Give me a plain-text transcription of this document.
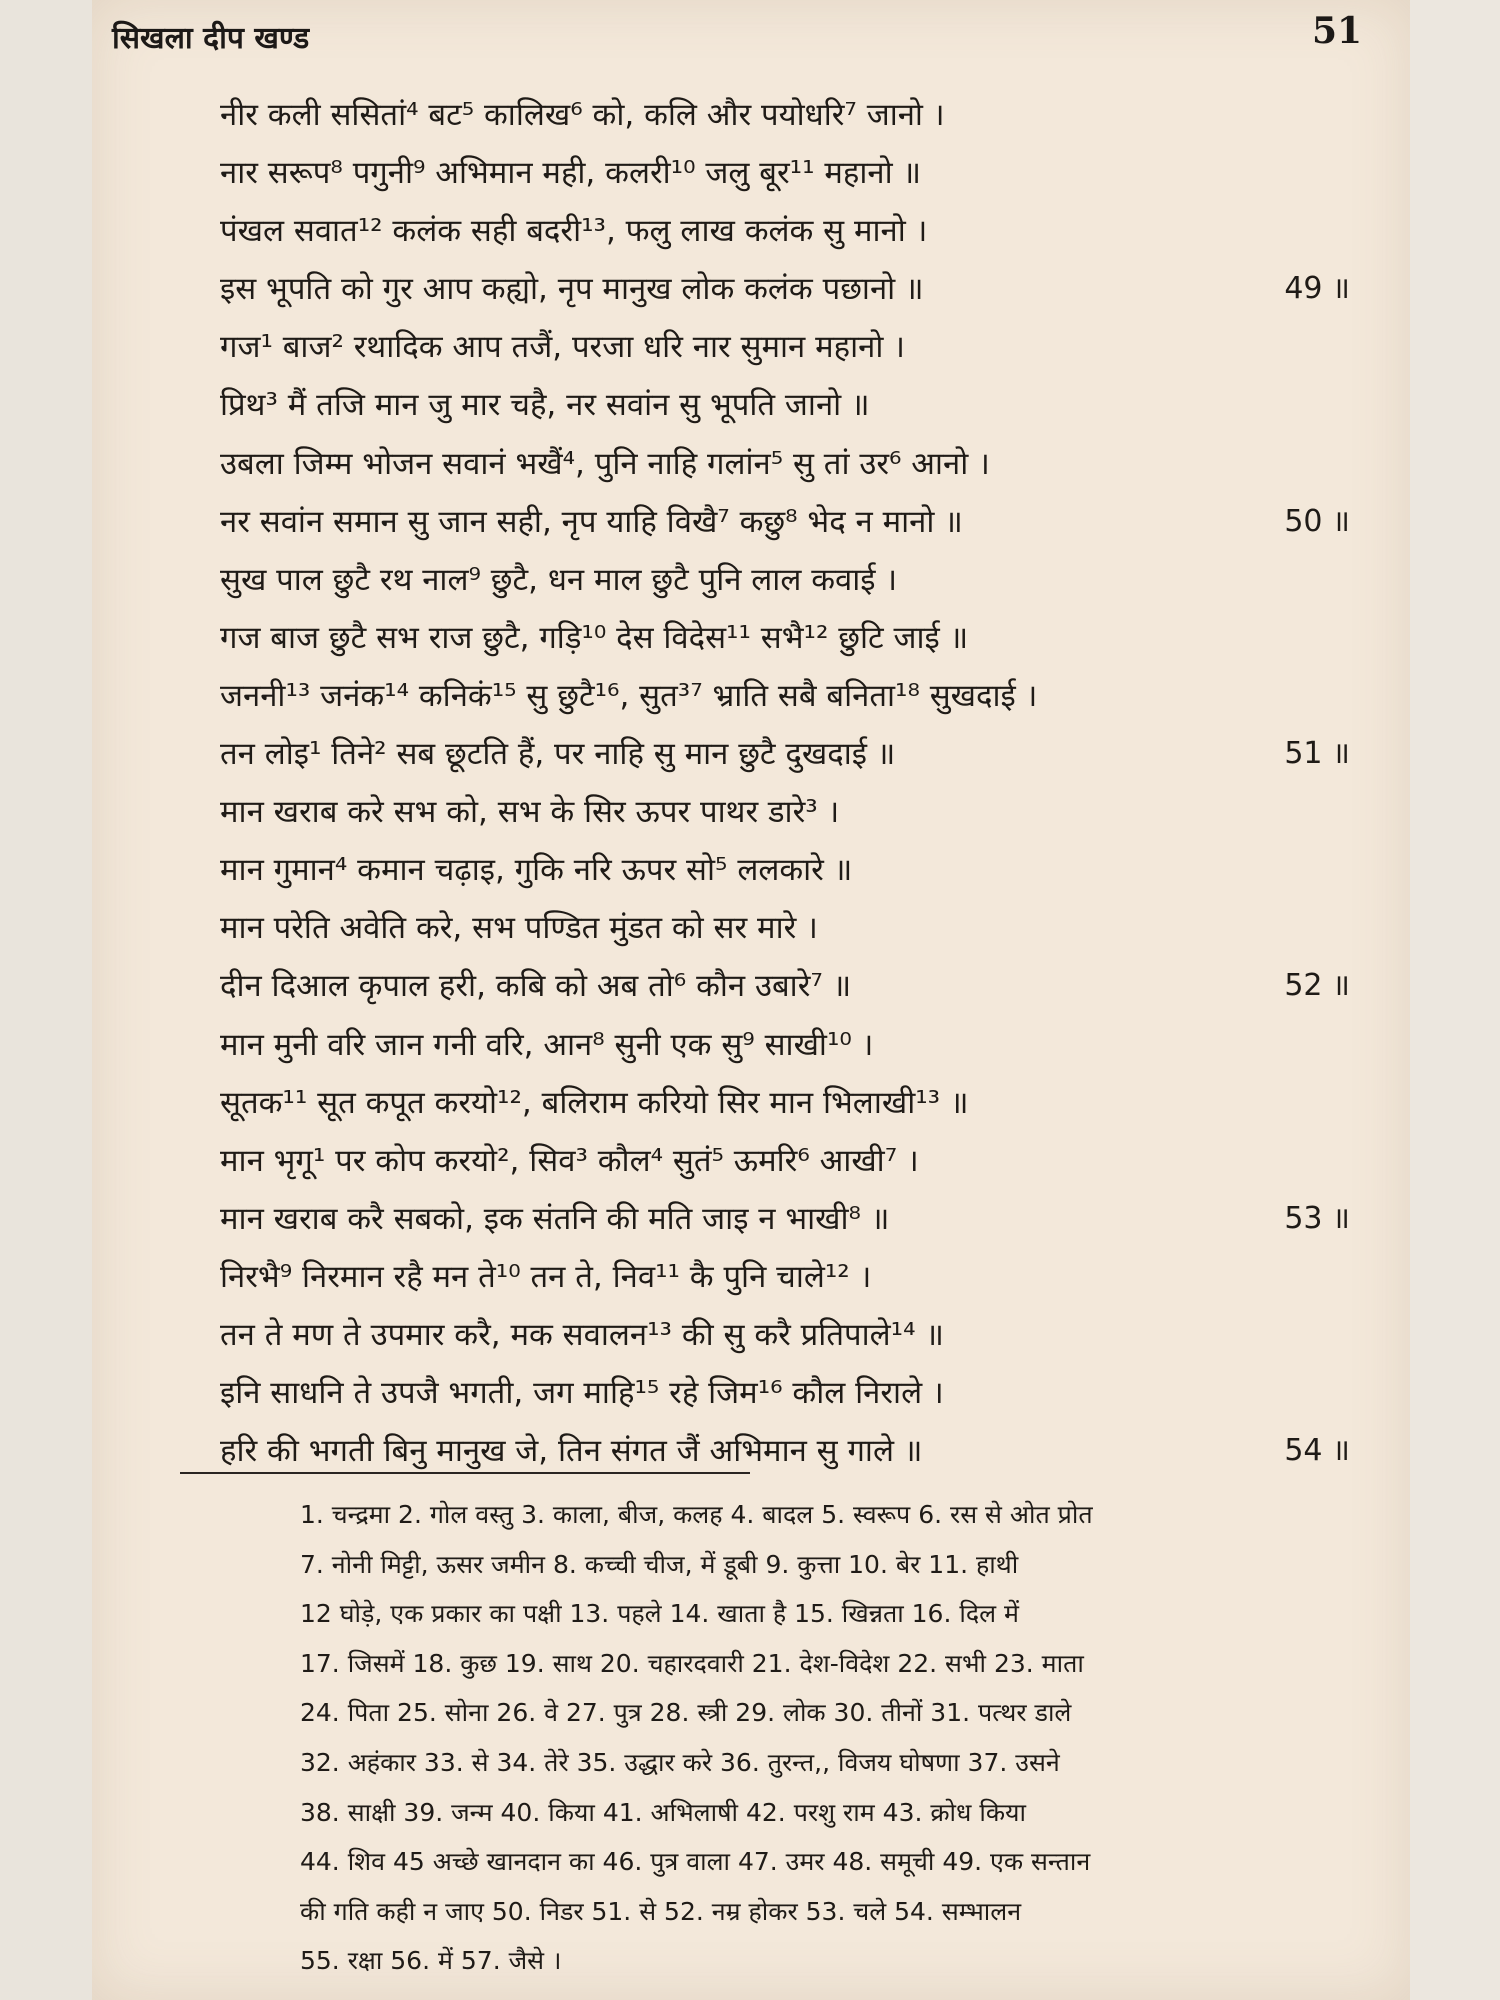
सिखला दीप खण्ड	51
नीर कली ससितां⁴ बट⁵ कालिख⁶ को, कलि और पयोधरि⁷ जानो ।
नार सरूप⁸ पगुनी⁹ अभिमान मही, कलरी¹⁰ जलु बूर¹¹ महानो ॥
पंखल सवात¹² कलंक सही बदरी¹³, फलु लाख कलंक सु मानो ।
इस भूपति को गुर आप कह्यो, नृप मानुख लोक कलंक पछानो ॥	49 ॥
गज¹ बाज² रथादिक आप तजैं, परजा धरि नार सुमान महानो ।
प्रिथ³ मैं तजि मान जु मार चहै, नर सवांन सु भूपति जानो ॥
उबला जिम्म भोजन सवानं भखैं⁴, पुनि नाहि गलांन⁵ सु तां उर⁶ आनो ।
नर सवांन समान सु जान सही, नृप याहि विखै⁷ कछु⁸ भेद न मानो ॥	50 ॥
सुख पाल छुटै रथ नाल⁹ छुटै, धन माल छुटै पुनि लाल कवाई ।
गज बाज छुटै सभ राज छुटै, गड़ि¹⁰ देस विदेस¹¹ सभै¹² छुटि जाई ॥
जननी¹³ जनंक¹⁴ कनिकं¹⁵ सु छुटै¹⁶, सुत³⁷ भ्राति सबै बनिता¹⁸ सुखदाई ।
तन लोइ¹ तिने² सब छूटति हैं, पर नाहि सु मान छुटै दुखदाई ॥	51 ॥
मान खराब करे सभ को, सभ के सिर ऊपर पाथर डारे³ ।
मान गुमान⁴ कमान चढ़ाइ, गुकि नरि ऊपर सो⁵ ललकारे ॥
मान परेति अवेति करे, सभ पण्डित मुंडत को सर मारे ।
दीन दिआल कृपाल हरी, कबि को अब तो⁶ कौन उबारे⁷ ॥	52 ॥
मान मुनी वरि जान गनी वरि, आन⁸ सुनी एक सु⁹ साखी¹⁰ ।
सूतक¹¹ सूत कपूत करयो¹², बलिराम करियो सिर मान भिलाखी¹³ ॥
मान भृगू¹ पर कोप करयो², सिव³ कौल⁴ सुतं⁵ ऊमरि⁶ आखी⁷ ।
मान खराब करै सबको, इक संतनि की मति जाइ न भाखी⁸ ॥	53 ॥
निरभै⁹ निरमान रहै मन ते¹⁰ तन ते, निव¹¹ कै पुनि चाले¹² ।
तन ते मण ते उपमार करै, मक सवालन¹³ की सु करै प्रतिपाले¹⁴ ॥
इनि साधनि ते उपजै भगती, जग माहि¹⁵ रहे जिम¹⁶ कौल निराले ।
हरि की भगती बिनु मानुख जे, तिन संगत जैं अभिमान सु गाले ॥	54 ॥
1. चन्द्रमा 2. गोल वस्तु 3. काला, बीज, कलह 4. बादल 5. स्वरूप 6. रस से ओत प्रोत
7. नोनी मिट्टी, ऊसर जमीन 8. कच्ची चीज, में डूबी 9. कुत्ता 10. बेर 11. हाथी
12 घोड़े, एक प्रकार का पक्षी 13. पहले 14. खाता है 15. खिन्नता 16. दिल में
17. जिसमें 18. कुछ 19. साथ 20. चहारदवारी 21. देश-विदेश 22. सभी 23. माता
24. पिता 25. सोना 26. वे 27. पुत्र 28. स्त्री 29. लोक 30. तीनों 31. पत्थर डाले
32. अहंकार 33. से 34. तेरे 35. उद्धार करे 36. तुरन्त,, विजय घोषणा 37. उसने
38. साक्षी 39. जन्म 40. किया 41. अभिलाषी 42. परशु राम 43. क्रोध किया
44. शिव 45 अच्छे खानदान का 46. पुत्र वाला 47. उमर 48. समूची 49. एक सन्तान
की गति कही न जाए 50. निडर 51. से 52. नम्र होकर 53. चले 54. सम्भालन
55. रक्षा 56. में 57. जैसे ।
